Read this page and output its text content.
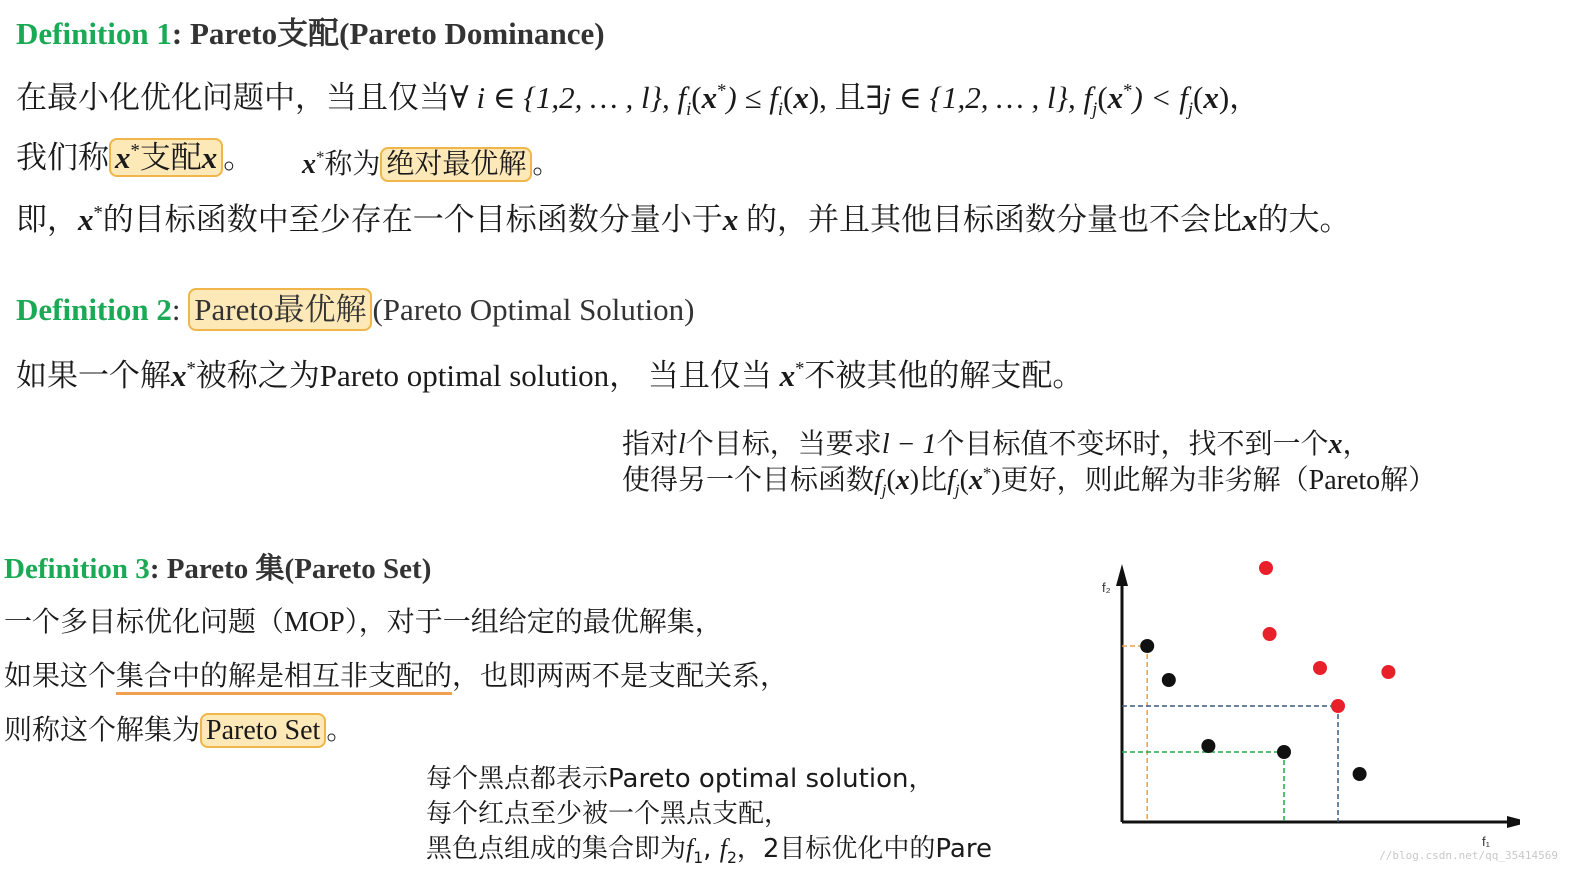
Definition 1: Pareto支配(Pareto Dominance)
在最小化优化问题中，当且仅当∀ i ∈ {1,2, … , l}, $f_i(x^*) \le f_i(x)$, 且∃j ∈ {1,2, … , l}, $f_j(x^*) < f_j(x)$，
我们称 x*支配x 。 x*称为 绝对最优解 。
即，x*的目标函数中至少存在一个目标函数分量小于x 的，并且其他目标函数分量也不会比x的大。
Definition 2: Pareto最优解 (Pareto Optimal Solution)
如果一个解x*被称之为Pareto optimal solution， 当且仅当 x*不被其他的解支配。
指对l个目标，当要求l − 1个目标值不变坏时，找不到一个x，
使得另一个目标函数$f_j(x)$比$f_j(x^*)$更好，则此解为非劣解（Pareto解）
Definition 3: Pareto 集(Pareto Set)
一个多目标优化问题（MOP），对于一组给定的最优解集，
如果这个集合中的解是相互非支配的，也即两两不是支配关系，
则称这个解集为 Pareto Set 。
每个黑点都表示Pareto optimal solution，
每个红点至少被一个黑点支配，
黑色点组成的集合即为$f_1$, $f_2$，2目标优化中的Pare
f₂
f₁
//blog.csdn.net/qq_35414569
